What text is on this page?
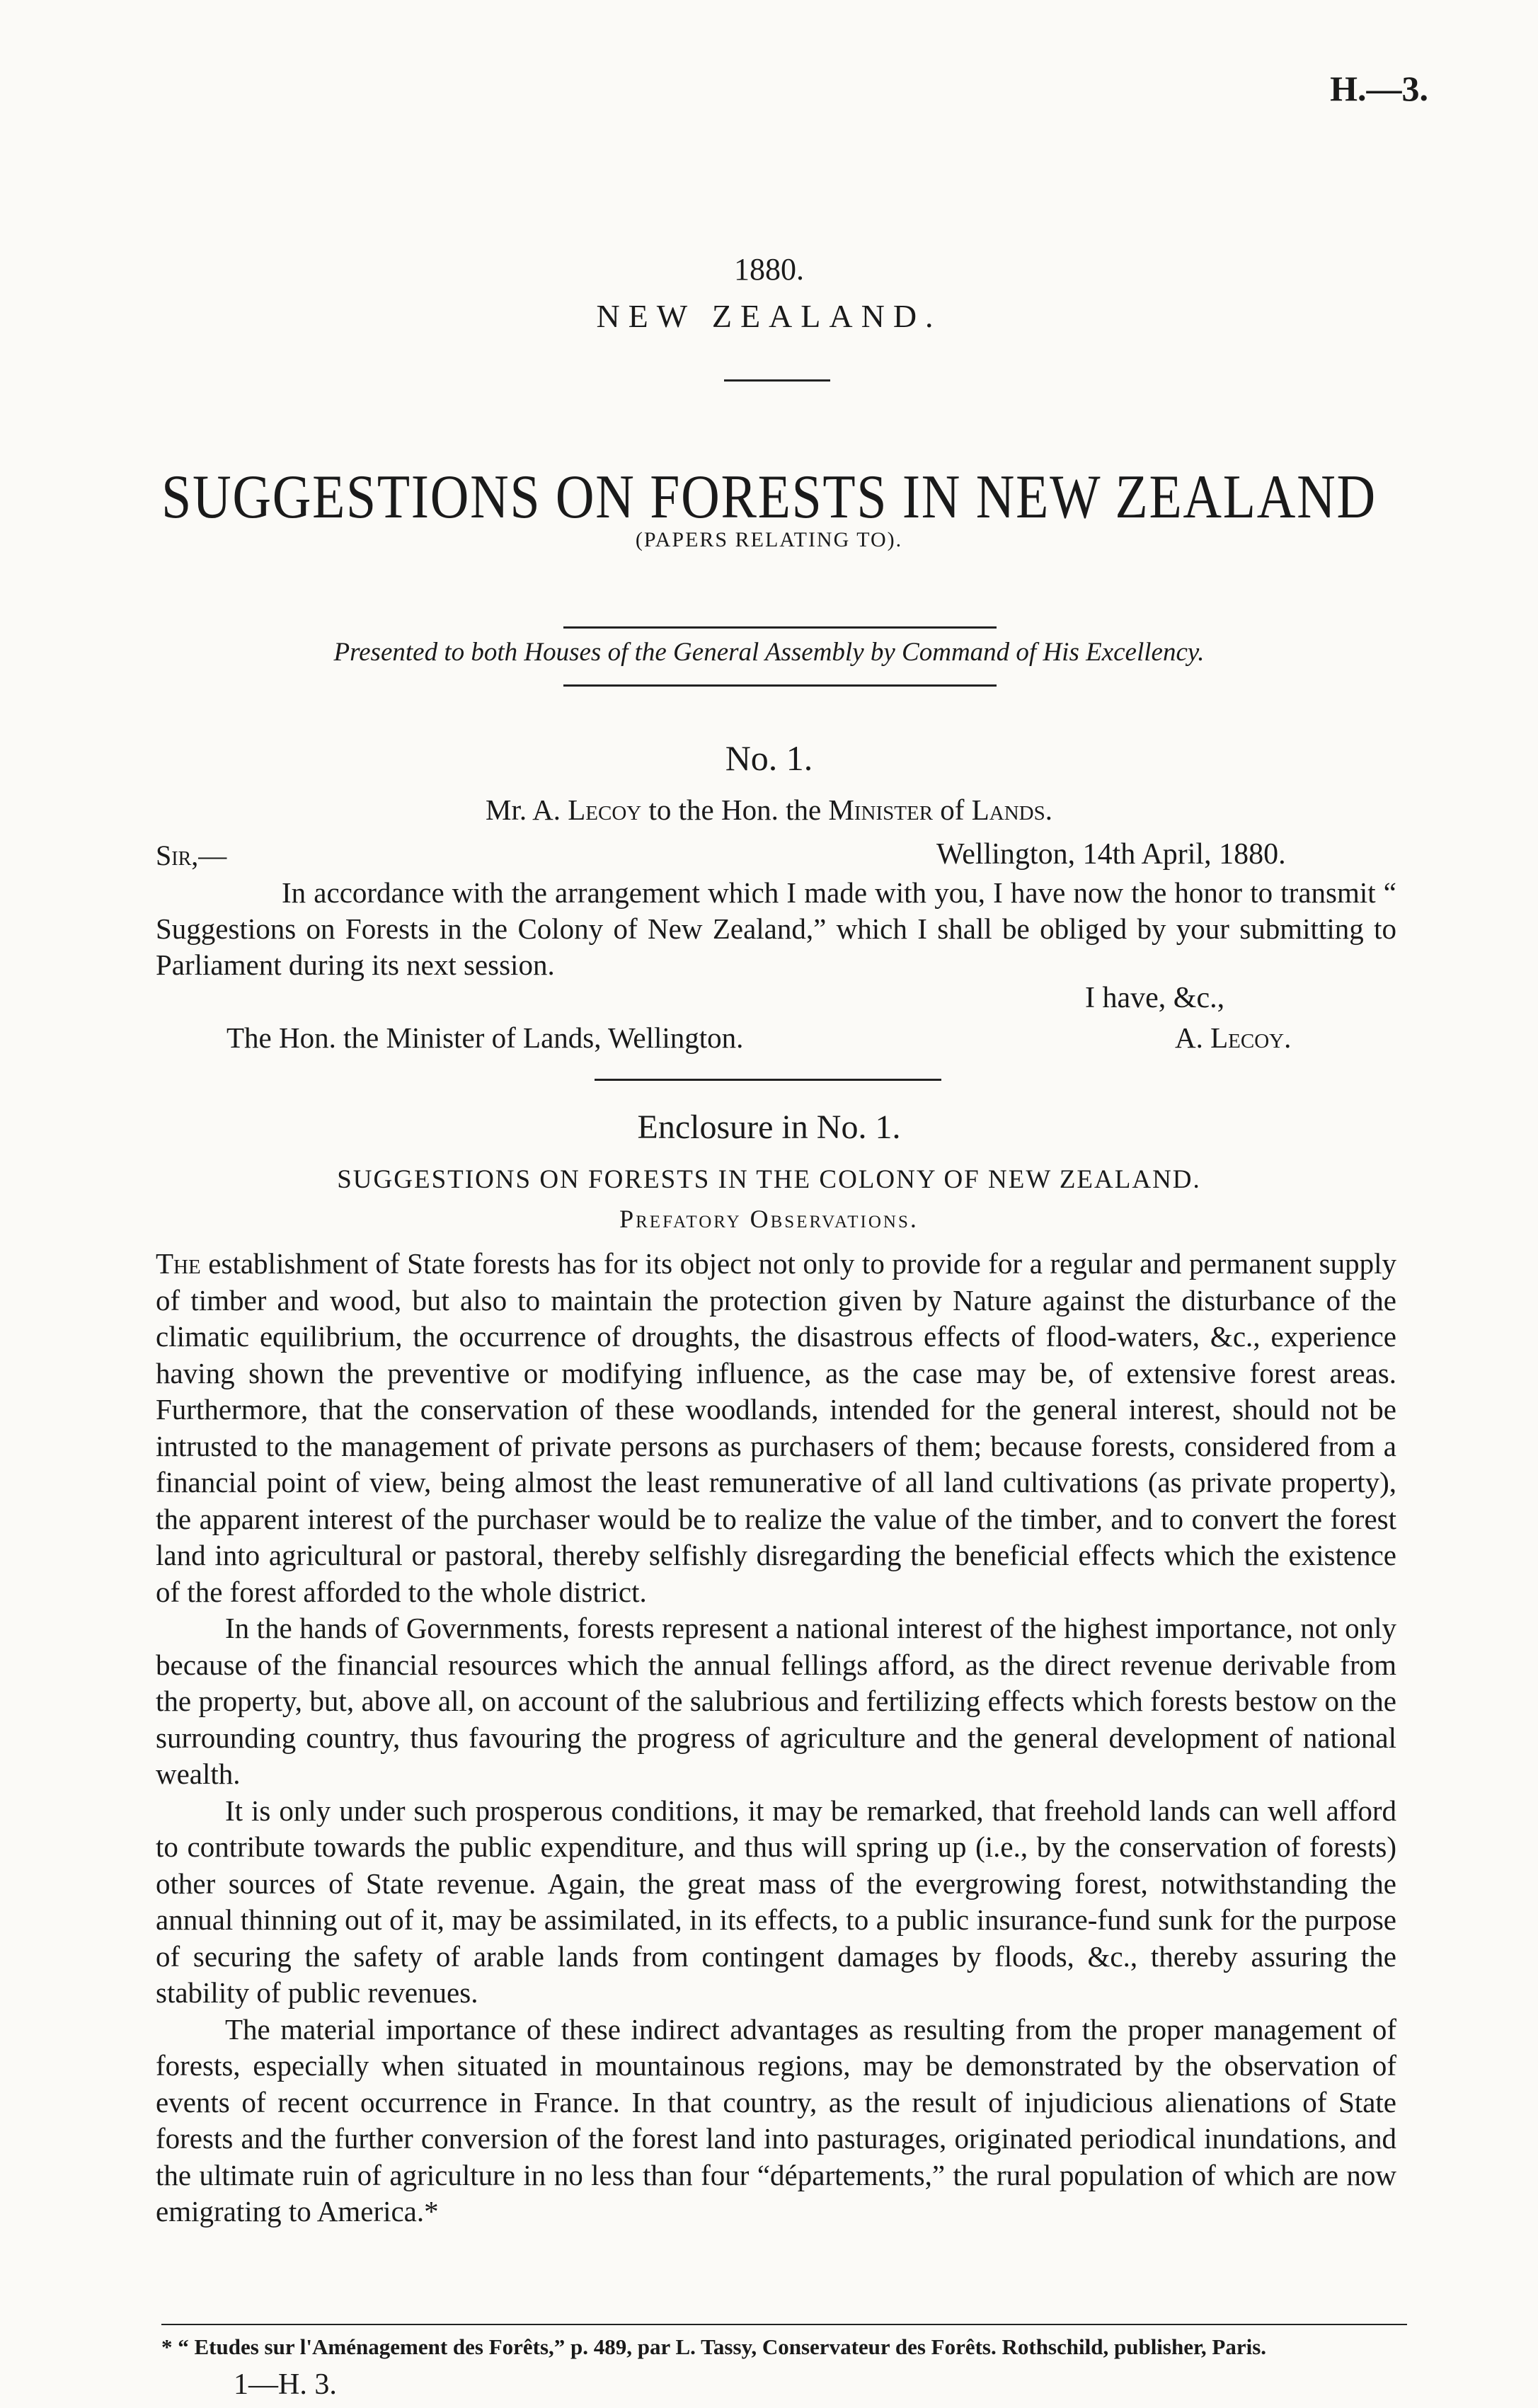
H.—3.
1880.
NEW ZEALAND.
SUGGESTIONS ON FORESTS IN NEW ZEALAND
(PAPERS RELATING TO).
Presented to both Houses of the General Assembly by Command of His Excellency.
No. 1.
Mr. A. Lecoy to the Hon. the Minister of Lands.
Sir,—	Wellington, 14th April, 1880.
In accordance with the arrangement which I made with you, I have now the honor to transmit “ Suggestions on Forests in the Colony of New Zealand,” which I shall be obliged by your submitting to Parliament during its next session.
I have, &c.,
The Hon. the Minister of Lands, Wellington.	A. Lecoy.
Enclosure in No. 1.
SUGGESTIONS ON FORESTS IN THE COLONY OF NEW ZEALAND.
Prefatory Observations.

The establishment of State forests has for its object not only to provide for a regular and permanent supply of timber and wood, but also to maintain the protection given by Nature against the disturbance of the climatic equilibrium, the occurrence of droughts, the disastrous effects of flood-waters, &c., experience having shown the preventive or modifying influence, as the case may be, of extensive forest areas. Furthermore, that the conservation of these woodlands, intended for the general interest, should not be intrusted to the management of private persons as purchasers of them; because forests, considered from a financial point of view, being almost the least remunerative of all land cultivations (as private property), the apparent interest of the purchaser would be to realize the value of the timber, and to convert the forest land into agricultural or pastoral, thereby selfishly disregarding the beneficial effects which the existence of the forest afforded to the whole district.

In the hands of Governments, forests represent a national interest of the highest importance, not only because of the financial resources which the annual fellings afford, as the direct revenue derivable from the property, but, above all, on account of the salubrious and fertilizing effects which forests bestow on the surrounding country, thus favouring the progress of agriculture and the general development of national wealth.

It is only under such prosperous conditions, it may be remarked, that freehold lands can well afford to contribute towards the public expenditure, and thus will spring up (i.e., by the conservation of forests) other sources of State revenue. Again, the great mass of the evergrowing forest, notwithstanding the annual thinning out of it, may be assimilated, in its effects, to a public insurance-fund sunk for the purpose of securing the safety of arable lands from contingent damages by floods, &c., thereby assuring the stability of public revenues.

The material importance of these indirect advantages as resulting from the proper management of forests, especially when situated in mountainous regions, may be demonstrated by the observation of events of recent occurrence in France. In that country, as the result of injudicious alienations of State forests and the further conversion of the forest land into pasturages, originated periodical inundations, and the ultimate ruin of agriculture in no less than four “départements,” the rural population of which are now emigrating to America.*

* “ Etudes sur l'Aménagement des Forêts,” p. 489, par L. Tassy, Conservateur des Forêts. Rothschild, publisher, Paris.
1—H. 3.
